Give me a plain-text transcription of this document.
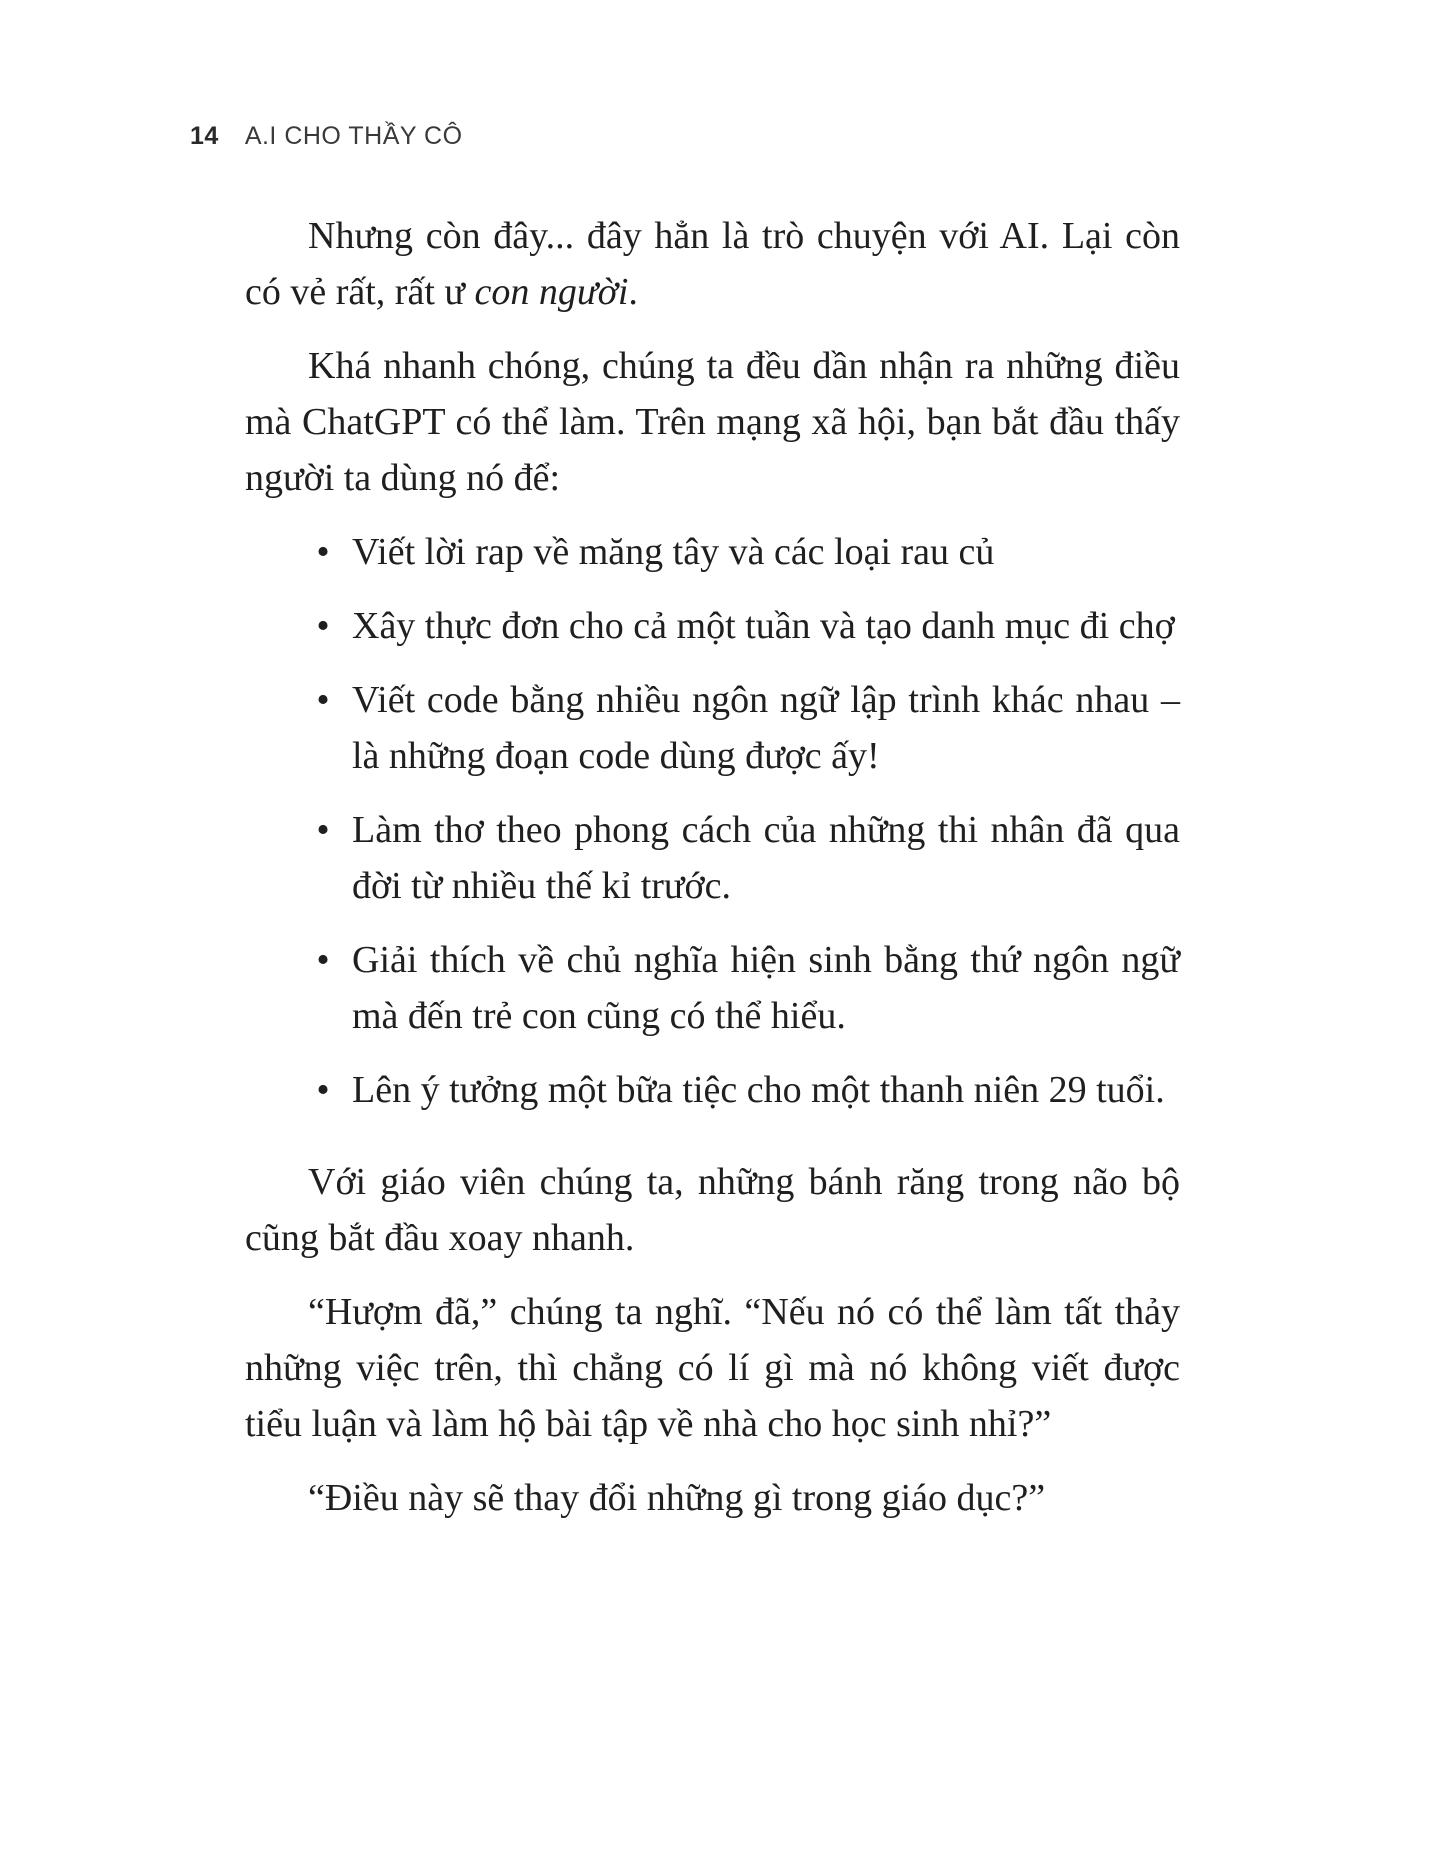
14 A.I CHO THẦY CÔ

Nhưng còn đây... đây hẳn là trò chuyện với AI. Lại còn có vẻ rất, rất ư con người.

Khá nhanh chóng, chúng ta đều dần nhận ra những điều mà ChatGPT có thể làm. Trên mạng xã hội, bạn bắt đầu thấy người ta dùng nó để:

• Viết lời rap về măng tây và các loại rau củ
• Xây thực đơn cho cả một tuần và tạo danh mục đi chợ
• Viết code bằng nhiều ngôn ngữ lập trình khác nhau – là những đoạn code dùng được ấy!
• Làm thơ theo phong cách của những thi nhân đã qua đời từ nhiều thế kỉ trước.
• Giải thích về chủ nghĩa hiện sinh bằng thứ ngôn ngữ mà đến trẻ con cũng có thể hiểu.
• Lên ý tưởng một bữa tiệc cho một thanh niên 29 tuổi.

Với giáo viên chúng ta, những bánh răng trong não bộ cũng bắt đầu xoay nhanh.

“Hượm đã,” chúng ta nghĩ. “Nếu nó có thể làm tất thảy những việc trên, thì chẳng có lí gì mà nó không viết được tiểu luận và làm hộ bài tập về nhà cho học sinh nhỉ?”

“Điều này sẽ thay đổi những gì trong giáo dục?”
